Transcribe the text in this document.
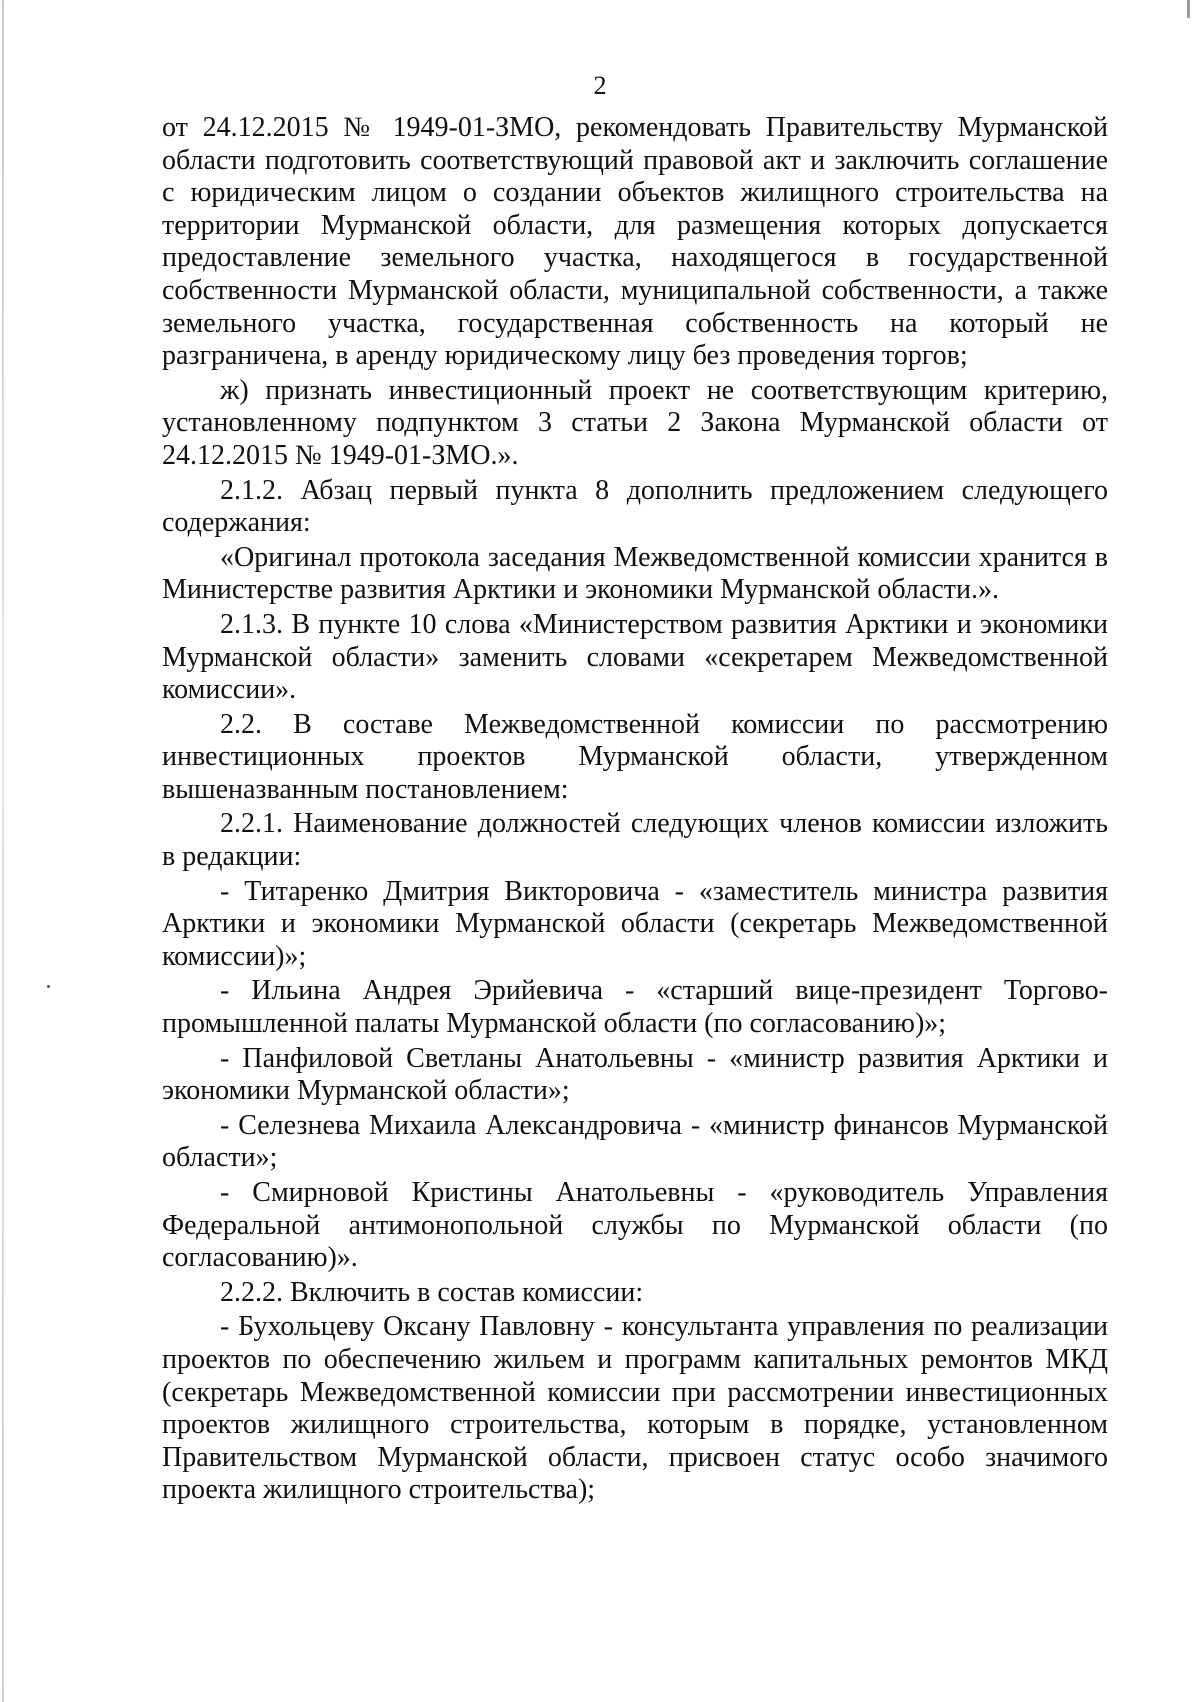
2

от 24.12.2015 № 1949-01-ЗМО, рекомендовать Правительству Мурманской области подготовить соответствующий правовой акт и заключить соглашение с юридическим лицом о создании объектов жилищного строительства на территории Мурманской области, для размещения которых допускается предоставление земельного участка, находящегося в государственной собственности Мурманской области, муниципальной собственности, а также земельного участка, государственная собственность на который не разграничена, в аренду юридическому лицу без проведения торгов;

ж) признать инвестиционный проект не соответствующим критерию, установленному подпунктом 3 статьи 2 Закона Мурманской области от 24.12.2015 № 1949-01-ЗМО.».

2.1.2. Абзац первый пункта 8 дополнить предложением следующего содержания:

«Оригинал протокола заседания Межведомственной комиссии хранится в Министерстве развития Арктики и экономики Мурманской области.».

2.1.3. В пункте 10 слова «Министерством развития Арктики и экономики Мурманской области» заменить словами «секретарем Межведомственной комиссии».

2.2. В составе Межведомственной комиссии по рассмотрению инвестиционных проектов Мурманской области, утвержденном вышеназванным постановлением:

2.2.1. Наименование должностей следующих членов комиссии изложить в редакции:

- Титаренко Дмитрия Викторовича - «заместитель министра развития Арктики и экономики Мурманской области (секретарь Межведомственной комиссии)»;

- Ильина Андрея Эрийевича - «старший вице-президент Торгово-промышленной палаты Мурманской области (по согласованию)»;

- Панфиловой Светланы Анатольевны - «министр развития Арктики и экономики Мурманской области»;

- Селезнева Михаила Александровича - «министр финансов Мурманской области»;

- Смирновой Кристины Анатольевны - «руководитель Управления Федеральной антимонопольной службы по Мурманской области (по согласованию)».

2.2.2. Включить в состав комиссии:

- Бухольцеву Оксану Павловну - консультанта управления по реализации проектов по обеспечению жильем и программ капитальных ремонтов МКД (секретарь Межведомственной комиссии при рассмотрении инвестиционных проектов жилищного строительства, которым в порядке, установленном Правительством Мурманской области, присвоен статус особо значимого проекта жилищного строительства);
